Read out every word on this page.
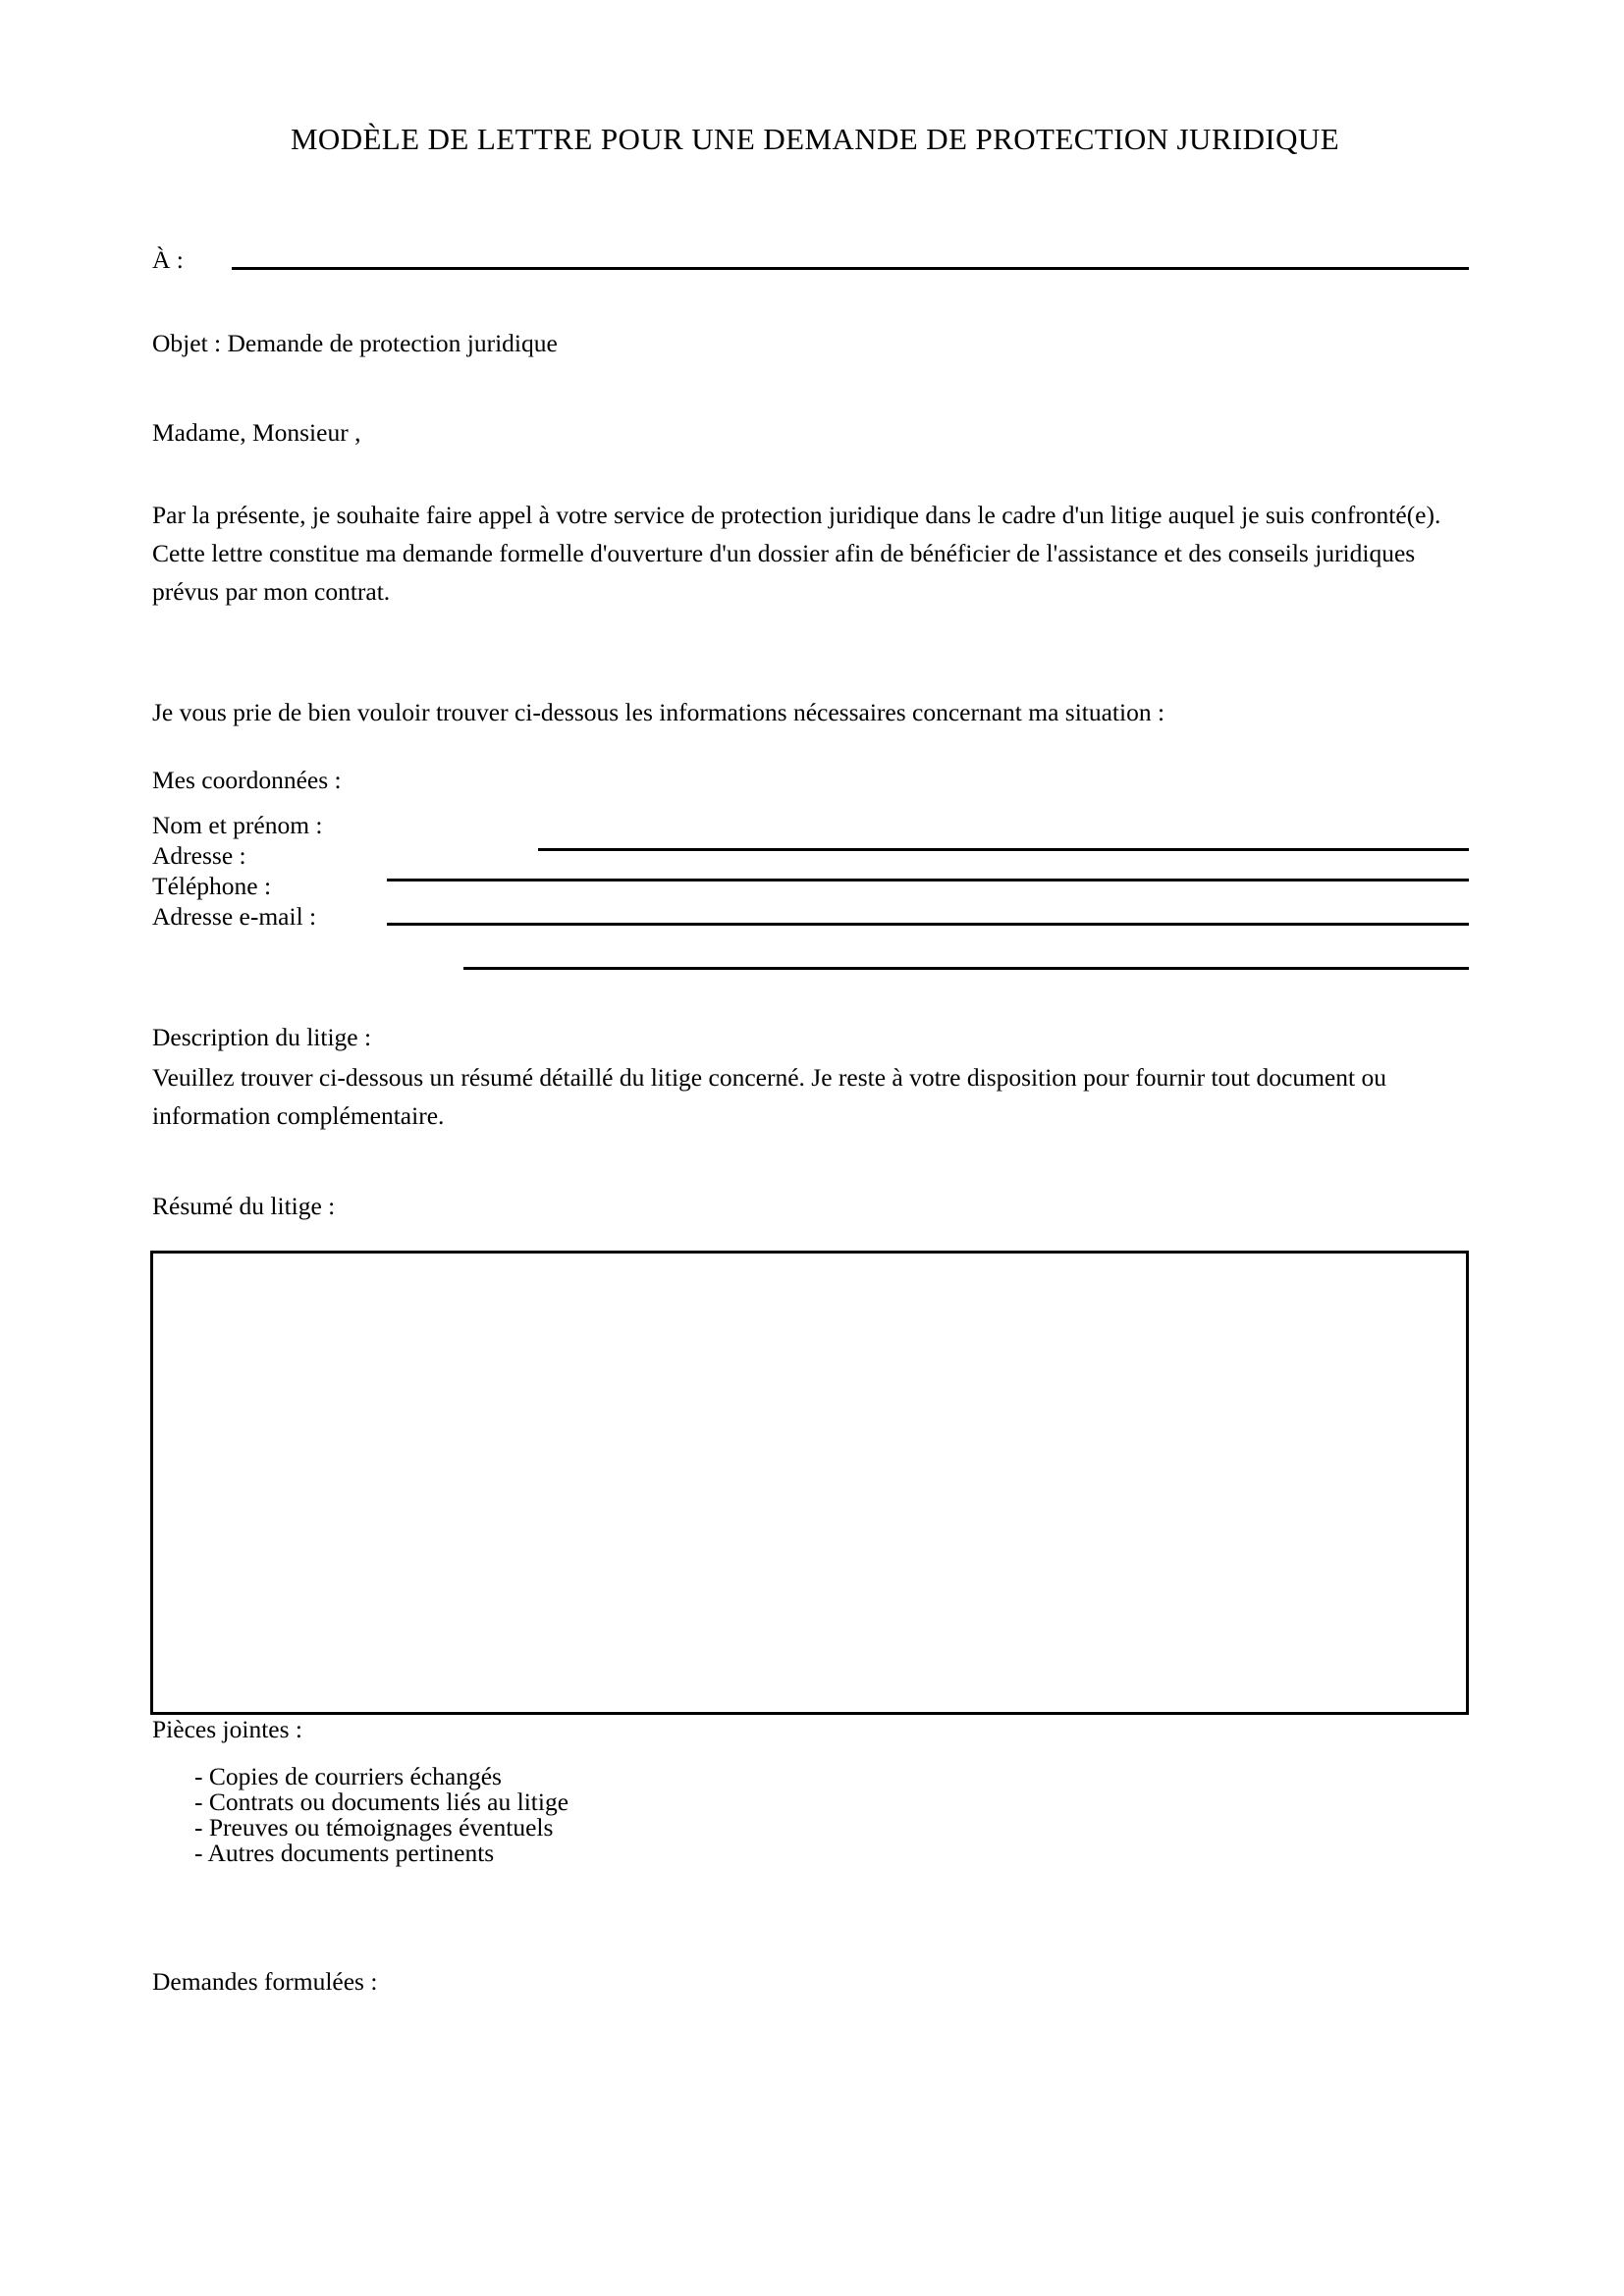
MODÈLE DE LETTRE POUR UNE DEMANDE DE PROTECTION JURIDIQUE
À :
Objet : Demande de protection juridique
Madame, Monsieur ,
Par la présente, je souhaite faire appel à votre service de protection juridique dans le cadre d'un litige auquel je suis confronté(e). Cette lettre constitue ma demande formelle d'ouverture d'un dossier afin de bénéficier de l'assistance et des conseils juridiques prévus par mon contrat.
Je vous prie de bien vouloir trouver ci-dessous les informations nécessaires concernant ma situation :
Mes coordonnées :
Nom et prénom :
Adresse :
Téléphone :
Adresse e-mail :
Description du litige :
Veuillez trouver ci-dessous un résumé détaillé du litige concerné. Je reste à votre disposition pour fournir tout document ou information complémentaire.
Résumé du litige :
Pièces jointes :
- Copies de courriers échangés
- Contrats ou documents liés au litige
- Preuves ou témoignages éventuels
- Autres documents pertinents
Demandes formulées :
